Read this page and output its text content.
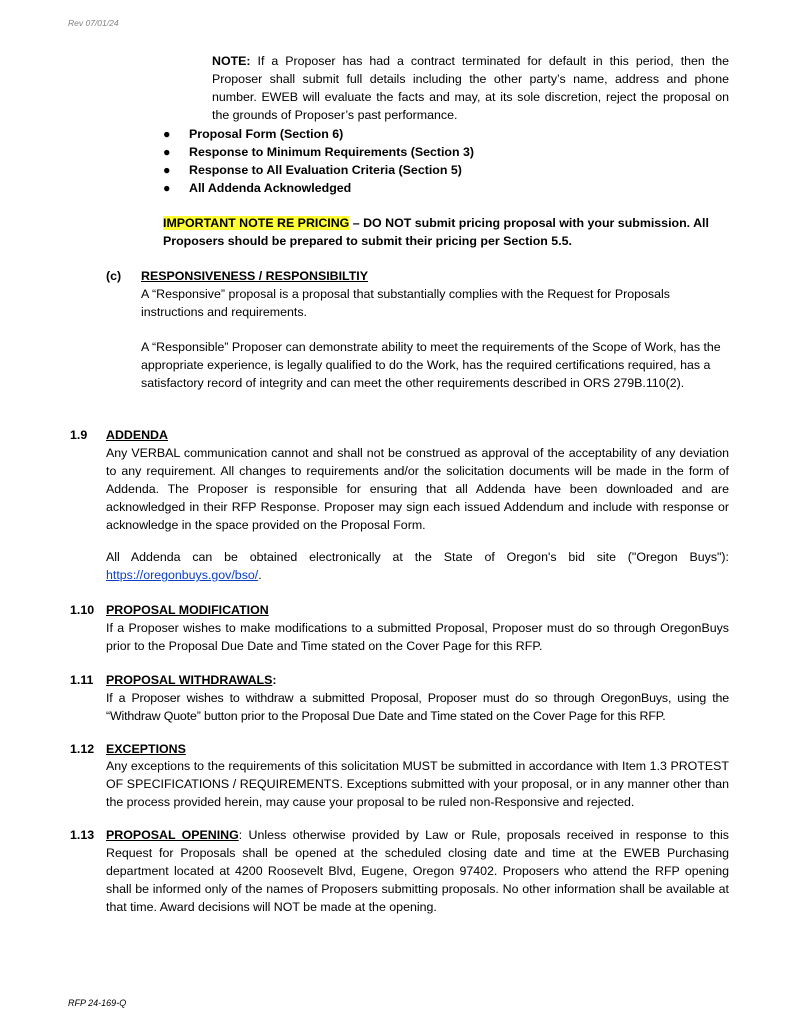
Rev 07/01/24
NOTE: If a Proposer has had a contract terminated for default in this period, then the Proposer shall submit full details including the other party’s name, address and phone number. EWEB will evaluate the facts and may, at its sole discretion, reject the proposal on the grounds of Proposer’s past performance.
● Proposal Form (Section 6)
● Response to Minimum Requirements (Section 3)
● Response to All Evaluation Criteria (Section 5)
● All Addenda Acknowledged
IMPORTANT NOTE RE PRICING – DO NOT submit pricing proposal with your submission. All Proposers should be prepared to submit their pricing per Section 5.5.
(c) RESPONSIVENESS / RESPONSIBILTIY
A “Responsive” proposal is a proposal that substantially complies with the Request for Proposals instructions and requirements.
A “Responsible” Proposer can demonstrate ability to meet the requirements of the Scope of Work, has the appropriate experience, is legally qualified to do the Work, has the required certifications required, has a satisfactory record of integrity and can meet the other requirements described in ORS 279B.110(2).
1.9 ADDENDA
Any VERBAL communication cannot and shall not be construed as approval of the acceptability of any deviation to any requirement. All changes to requirements and/or the solicitation documents will be made in the form of Addenda. The Proposer is responsible for ensuring that all Addenda have been downloaded and are acknowledged in their RFP Response. Proposer may sign each issued Addendum and include with response or acknowledge in the space provided on the Proposal Form.
All Addenda can be obtained electronically at the State of Oregon's bid site ("Oregon Buys"):
https://oregonbuys.gov/bso/.
1.10 PROPOSAL MODIFICATION
If a Proposer wishes to make modifications to a submitted Proposal, Proposer must do so through OregonBuys prior to the Proposal Due Date and Time stated on the Cover Page for this RFP.
1.11 PROPOSAL WITHDRAWALS:
If a Proposer wishes to withdraw a submitted Proposal, Proposer must do so through OregonBuys, using the “Withdraw Quote” button prior to the Proposal Due Date and Time stated on the Cover Page for this RFP.
1.12 EXCEPTIONS
Any exceptions to the requirements of this solicitation MUST be submitted in accordance with Item 1.3 PROTEST OF SPECIFICATIONS / REQUIREMENTS. Exceptions submitted with your proposal, or in any manner other than the process provided herein, may cause your proposal to be ruled non-Responsive and rejected.
1.13 PROPOSAL OPENING: Unless otherwise provided by Law or Rule, proposals received in response to this
Request for Proposals shall be opened at the scheduled closing date and time at the EWEB Purchasing department located at 4200 Roosevelt Blvd, Eugene, Oregon 97402. Proposers who attend the RFP opening shall be informed only of the names of Proposers submitting proposals. No other information shall be available at that time. Award decisions will NOT be made at the opening.
RFP 24-169-Q
